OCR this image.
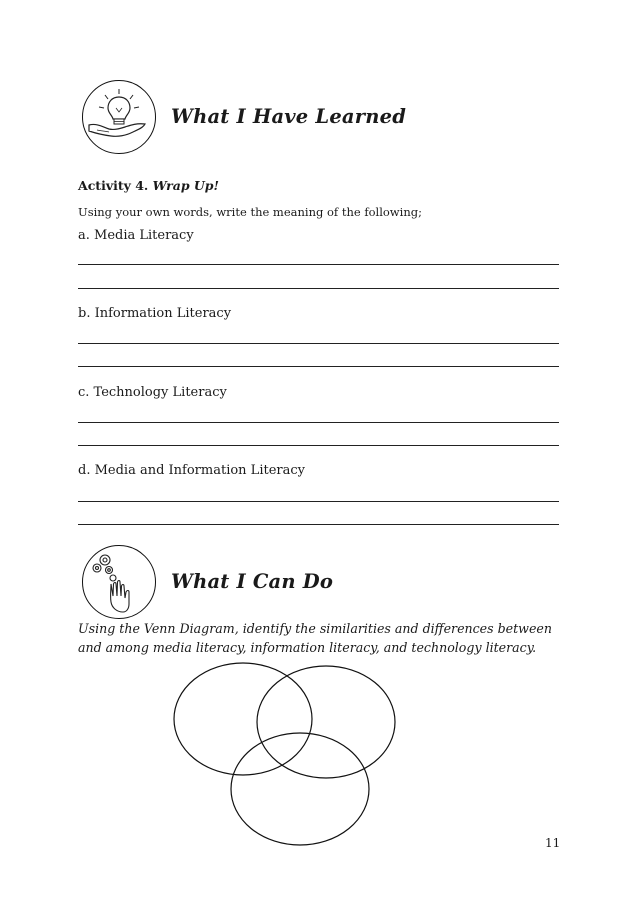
What I Have Learned
Activity 4. Wrap Up!
Using your own words, write the meaning of the following;
a. Media Literacy
b. Information Literacy
c. Technology Literacy
d. Media and Information Literacy
What I Can Do
Using the Venn Diagram, identify the similarities and differences between and among media literacy, information literacy, and technology literacy.
11
